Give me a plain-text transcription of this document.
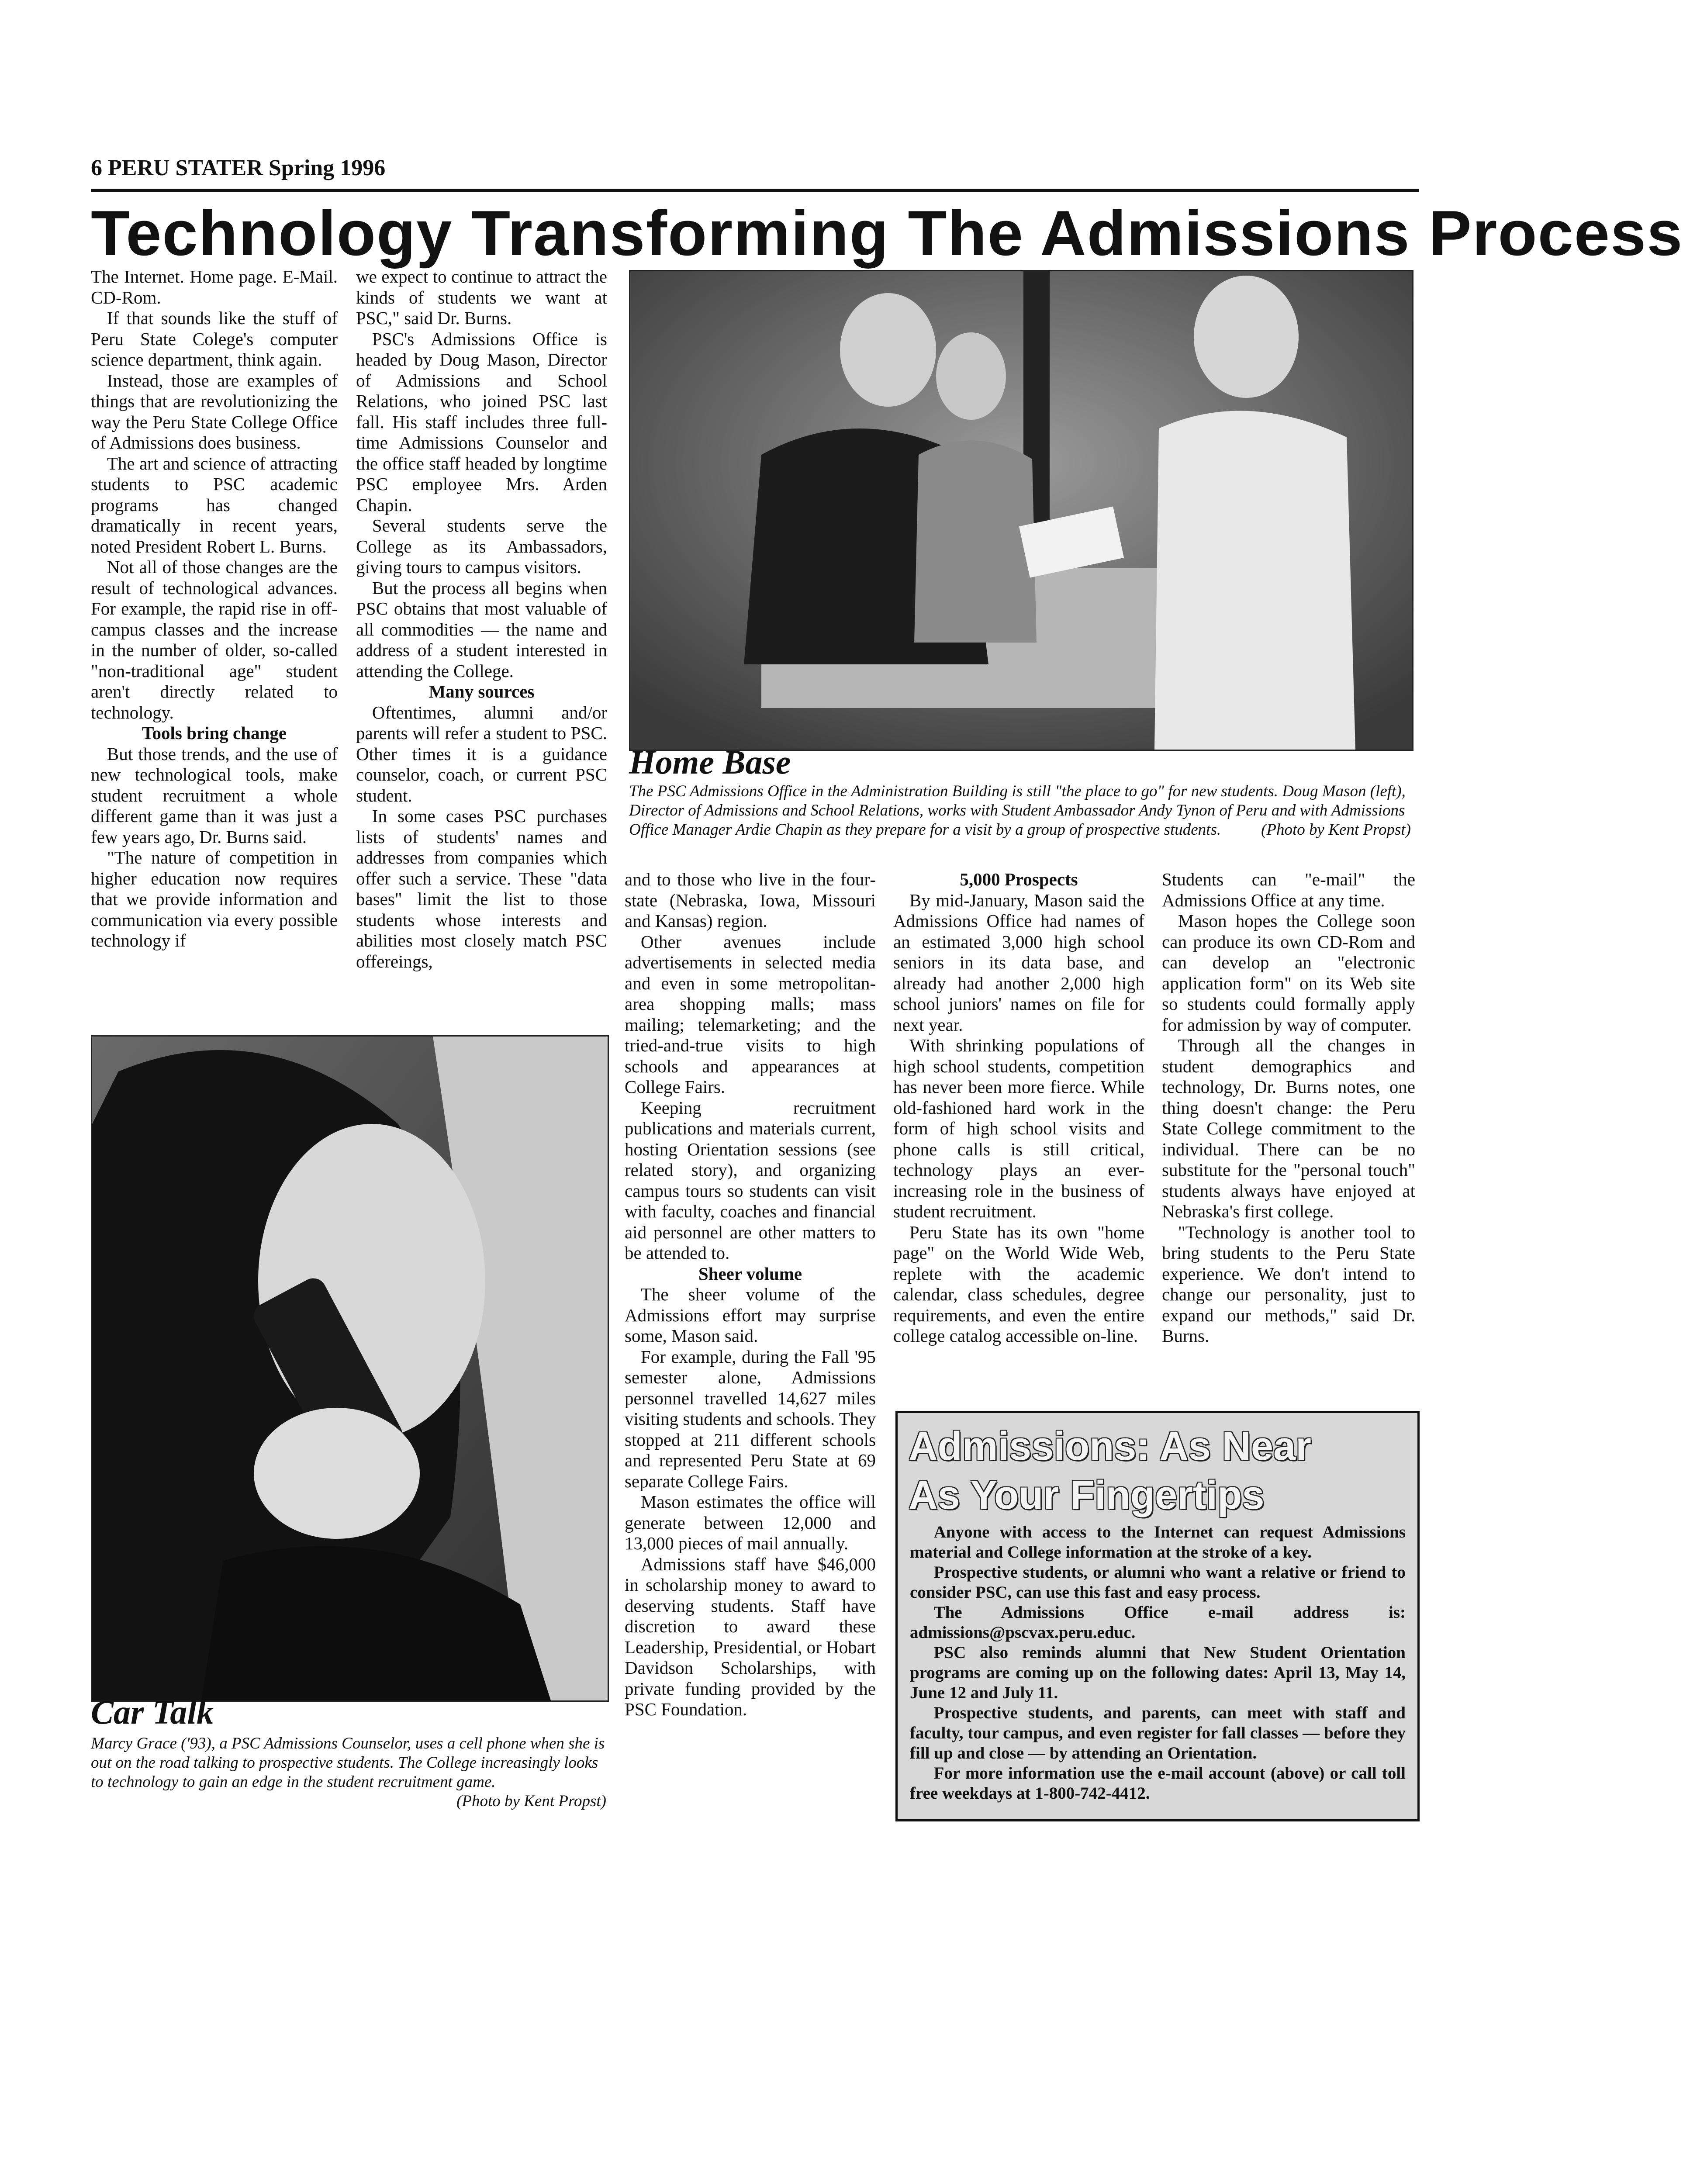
6 PERU STATER Spring 1996
Technology Transforming The Admissions Process

The Internet. Home page. E-Mail. CD-Rom.

If that sounds like the stuff of Peru State Colege's computer science department, think again.

Instead, those are examples of things that are revolutionizing the way the Peru State College Office of Admissions does business.

The art and science of attracting students to PSC academic programs has changed dramatically in recent years, noted President Robert L. Burns.

Not all of those changes are the result of technological advances. For example, the rapid rise in off-campus classes and the increase in the number of older, so-called "non-traditional age" student aren't directly related to technology.

Tools bring change

But those trends, and the use of new technological tools, make student recruitment a whole different game than it was just a few years ago, Dr. Burns said.

"The nature of competition in higher education now requires that we provide information and communication via every possible technology if

we expect to continue to attract the kinds of students we want at PSC," said Dr. Burns.

PSC's Admissions Office is headed by Doug Mason, Director of Admissions and School Relations, who joined PSC last fall. His staff includes three full-time Admissions Counselor and the office staff headed by longtime PSC employee Mrs. Arden Chapin.

Several students serve the College as its Ambassadors, giving tours to campus visitors.

But the process all begins when PSC obtains that most valuable of all commodities — the name and address of a student interested in attending the College.

Many sources

Oftentimes, alumni and/or parents will refer a student to PSC. Other times it is a guidance counselor, coach, or current PSC student.

In some cases PSC purchases lists of students' names and addresses from companies which offer such a service. These "data bases" limit the list to those students whose interests and abilities most closely match PSC offereings,

Home Base
The PSC Admissions Office in the Administration Building is still "the place to go" for new students. Doug Mason (left), Director of Admissions and School Relations, works with Student Ambassador Andy Tynon of Peru and with Admissions Office Manager Ardie Chapin as they prepare for a visit by a group of prospective students. (Photo by Kent Propst)
Car Talk
Marcy Grace ('93), a PSC Admissions Counselor, uses a cell phone when she is out on the road talking to prospective students. The College increasingly looks to technology to gain an edge in the student recruitment game.
(Photo by Kent Propst)

and to those who live in the four-state (Nebraska, Iowa, Missouri and Kansas) region.

Other avenues include advertisements in selected media and even in some metropolitan-area shopping malls; mass mailing; telemarketing; and the tried-and-true visits to high schools and appearances at College Fairs.

Keeping recruitment publications and materials current, hosting Orientation sessions (see related story), and organizing campus tours so students can visit with faculty, coaches and financial aid personnel are other matters to be attended to.

Sheer volume

The sheer volume of the Admissions effort may surprise some, Mason said.

For example, during the Fall '95 semester alone, Admissions personnel travelled 14,627 miles visiting students and schools. They stopped at 211 different schools and represented Peru State at 69 separate College Fairs.

Mason estimates the office will generate between 12,000 and 13,000 pieces of mail annually.

Admissions staff have $46,000 in scholarship money to award to deserving students. Staff have discretion to award these Leadership, Presidential, or Hobart Davidson Scholarships, with private funding provided by the PSC Foundation.

5,000 Prospects

By mid-January, Mason said the Admissions Office had names of an estimated 3,000 high school seniors in its data base, and already had another 2,000 high school juniors' names on file for next year.

With shrinking populations of high school students, competition has never been more fierce. While old-fashioned hard work in the form of high school visits and phone calls is still critical, technology plays an ever-increasing role in the business of student recruitment.

Peru State has its own "home page" on the World Wide Web, replete with the academic calendar, class schedules, degree requirements, and even the entire college catalog accessible on-line.

Students can "e-mail" the Admissions Office at any time.

Mason hopes the College soon can produce its own CD-Rom and can develop an "electronic application form" on its Web site so students could formally apply for admission by way of computer.

Through all the changes in student demographics and technology, Dr. Burns notes, one thing doesn't change: the Peru State College commitment to the individual. There can be no substitute for the "personal touch" students always have enjoyed at Nebraska's first college.

"Technology is another tool to bring students to the Peru State experience. We don't intend to change our personality, just to expand our methods," said Dr. Burns.

Admissions: As Near
As Your Fingertips

Anyone with access to the Internet can request Admissions material and College information at the stroke of a key.

Prospective students, or alumni who want a relative or friend to consider PSC, can use this fast and easy process.

The Admissions Office e-mail address is: admissions@pscvax.peru.educ.

PSC also reminds alumni that New Student Orientation programs are coming up on the following dates: April 13, May 14, June 12 and July 11.

Prospective students, and parents, can meet with staff and faculty, tour campus, and even register for fall classes — before they fill up and close — by attending an Orientation.

For more information use the e-mail account (above) or call toll free weekdays at 1-800-742-4412.
